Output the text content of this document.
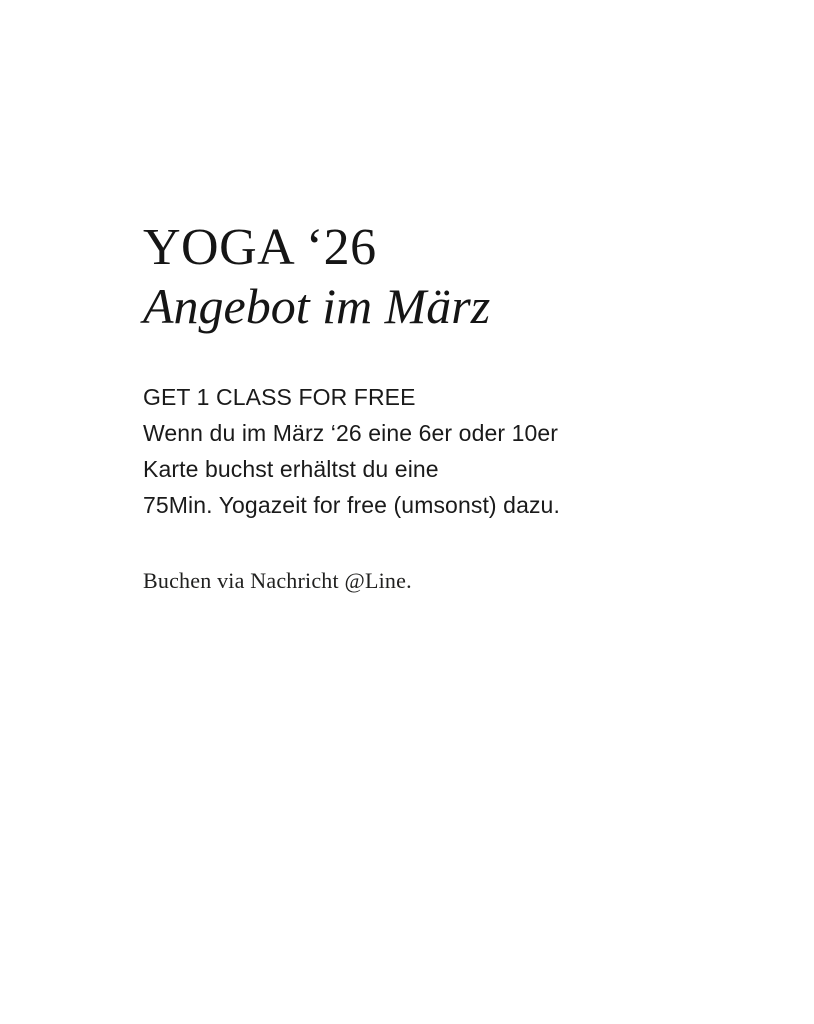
YOGA ‘26
Angebot im März
GET 1 CLASS FOR FREE
Wenn du im März ‘26 eine 6er oder 10er
Karte buchst erhältst du eine
75Min. Yogazeit for free (umsonst) dazu.
Buchen via Nachricht @Line.
